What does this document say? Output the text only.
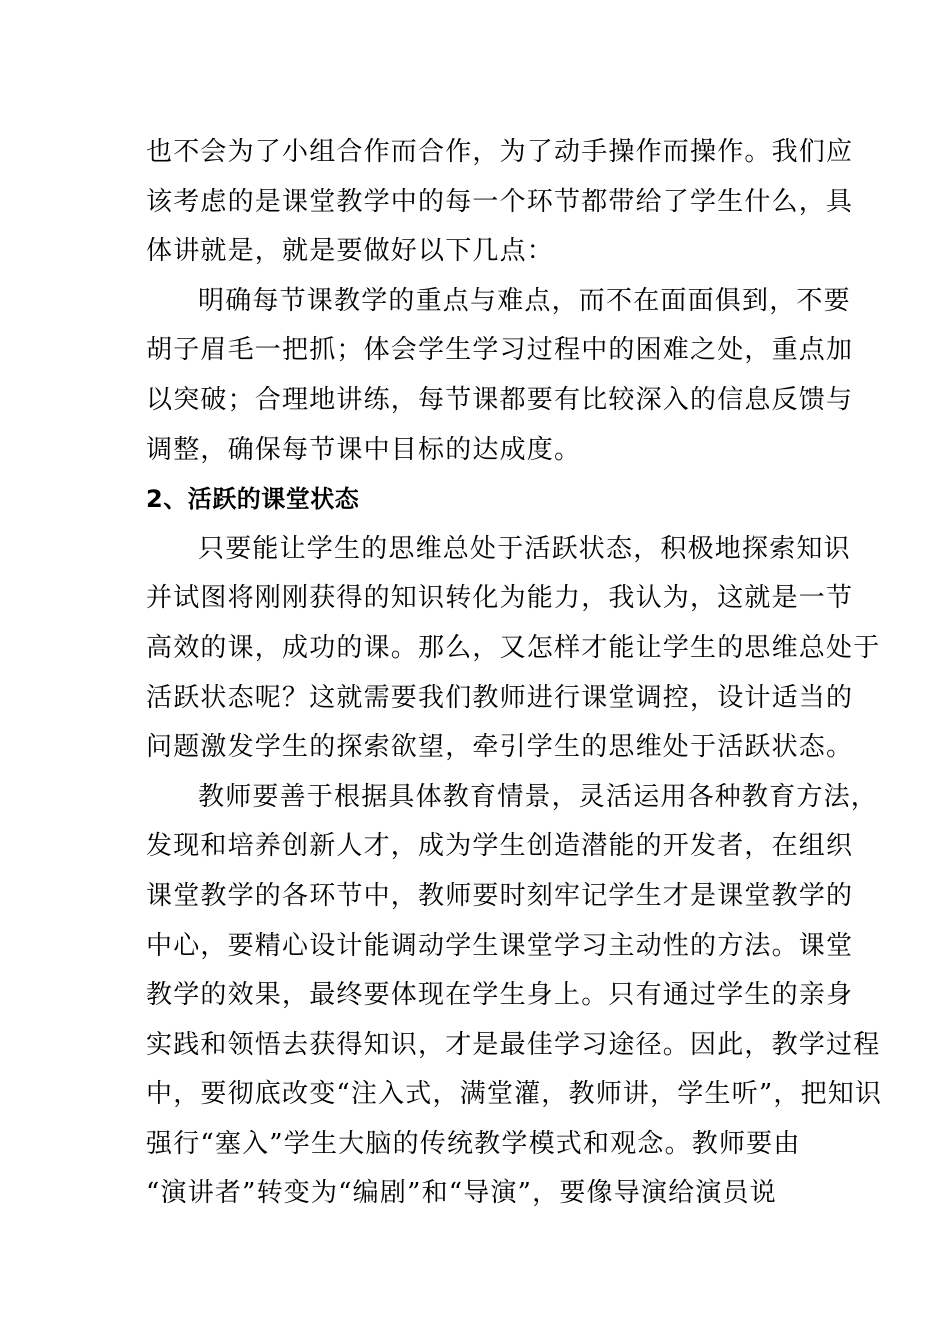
也不会为了小组合作而合作，为了动手操作而操作。我们应
该考虑的是课堂教学中的每一个环节都带给了学生什么，具
体讲就是，就是要做好以下几点：
明确每节课教学的重点与难点，而不在面面俱到，不要
胡子眉毛一把抓；体会学生学习过程中的困难之处，重点加
以突破；合理地讲练，每节课都要有比较深入的信息反馈与
调整，确保每节课中目标的达成度。
2、活跃的课堂状态
只要能让学生的思维总处于活跃状态，积极地探索知识
并试图将刚刚获得的知识转化为能力，我认为，这就是一节
高效的课，成功的课。那么，又怎样才能让学生的思维总处于
活跃状态呢？这就需要我们教师进行课堂调控，设计适当的
问题激发学生的探索欲望，牵引学生的思维处于活跃状态。
教师要善于根据具体教育情景，灵活运用各种教育方法，
发现和培养创新人才，成为学生创造潜能的开发者，在组织
课堂教学的各环节中，教师要时刻牢记学生才是课堂教学的
中心，要精心设计能调动学生课堂学习主动性的方法。课堂
教学的效果，最终要体现在学生身上。只有通过学生的亲身
实践和领悟去获得知识，才是最佳学习途径。因此，教学过程
中，要彻底改变“注入式，满堂灌，教师讲，学生听”，把知识
强行“塞入”学生大脑的传统教学模式和观念。教师要由
“演讲者”转变为“编剧”和“导演”，要像导演给演员说
